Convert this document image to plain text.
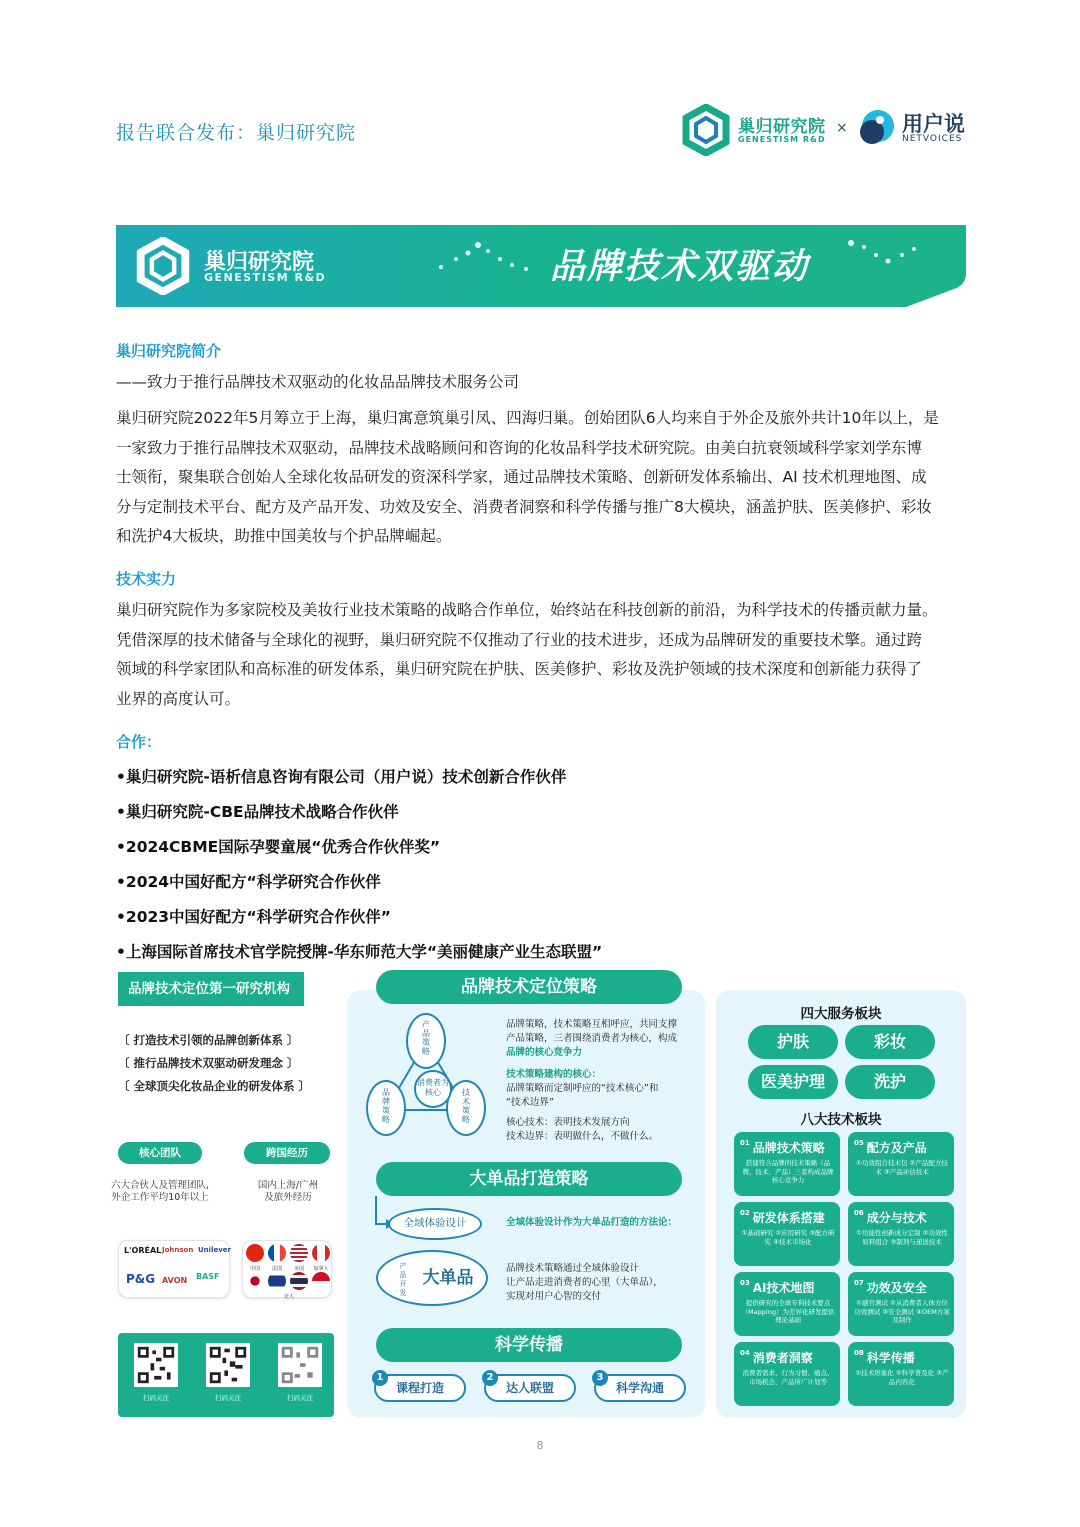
报告联合发布：巢归研究院	巢归研究院
GENESTISM R&D
×	用户说
NETVOICES
巢归研究院
GENESTISM R&D	品牌技术双驱动
巢归研究院简介
——致力于推行品牌技术双驱动的化妆品品牌技术服务公司
巢归研究院2022年5月筹立于上海，巢归寓意筑巢引凤、四海归巢。创始团队6人均来自于外企及旅外共计10年以上，是
一家致力于推行品牌技术双驱动，品牌技术战略顾问和咨询的化妆品科学技术研究院。由美白抗衰领域科学家刘学东博
士领衔，聚集联合创始人全球化妆品研发的资深科学家，通过品牌技术策略、创新研发体系输出、AI 技术机理地图、成
分与定制技术平台、配方及产品开发、功效及安全、消费者洞察和科学传播与推广8大模块，涵盖护肤、医美修护、彩妆
和洗护4大板块，助推中国美妆与个护品牌崛起。
技术实力
巢归研究院作为多家院校及美妆行业技术策略的战略合作单位，始终站在科技创新的前沿，为科学技术的传播贡献力量。
凭借深厚的技术储备与全球化的视野，巢归研究院不仅推动了行业的技术进步，还成为品牌研发的重要技术擎。通过跨
领域的科学家团队和高标准的研发体系，巢归研究院在护肤、医美修护、彩妆及洗护领域的技术深度和创新能力获得了
业界的高度认可。
合作：
•巢归研究院-语析信息咨询有限公司（用户说）技术创新合作伙伴
•巢归研究院-CBE品牌技术战略合作伙伴
•2024CBME国际孕婴童展“优秀合作伙伴奖”
•2024中国好配方“科学研究合作伙伴
•2023中国好配方“科学研究合作伙伴”
•上海国际首席技术官学院授牌-华东师范大学“美丽健康产业生态联盟”
品牌技术定位第一研究机构
〔 打造技术引领的品牌创新体系 〕
〔 推行品牌技术双驱动研发理念 〕
〔 全球顶尖化妆品企业的研发体系 〕
核心团队
六大合伙人及管理团队,
外企工作平均10年以上
跨国经历
国内上海/广州
及旅外经历
L'ORÉAL Johnson Unilever
P&G AVON BASF
中国	法国	美国	加拿大
北大
扫码关注	扫码关注	扫码关注
品牌技术定位策略
产品策略
品牌策略
技术策略
消费者为核心
品牌策略，技术策略互相呼应，共同支撑
产品策略，三者围绕消费者为核心，构成
品牌的核心竞争力
技术策略建构的核心：
品牌策略而定制呼应的“技术核心”和
“技术边界”
核心技术：表明技术发展方向
技术边界：表明做什么，不做什么。
大单品打造策略
全域体验设计
产品开发
大单品
全域体验设计作为大单品打造的方法论：
品牌技术策略通过全域体验设计
让产品走进消费者的心里（大单品），
实现对用户心智的交付
科学传播
课程打造	达人联盟	科学沟通
1	2	3
四大服务板块
护肤	彩妆
医美护理	洗护
八大技术板块
$^{01}$ 品牌技术策略
搭建符合品牌的技术策略（品牌、技术、产品）三者构成品牌核心竞争力
$^{05}$ 配方及产品
①功效组合技术包 ②产品配方技术 ③产品评估技术
$^{02}$ 研发体系搭建
①基础研究 ②应用研究 ③配方研究 ④技术市场化
$^{06}$ 成分与技术
①功能性创新成分定制 ②功效性原料组合 ③制剂与递送技术
$^{03}$ AI技术地图
提供研究的全球专利技术要点（Mapping）为差异化研发提供理论基础
$^{07}$ 功效及安全
①感官测试 ②从消费者人体方位功效测试 ③安全测试 ④OEM方案及制作
$^{04}$ 消费者洞察
消费者需求、行为习惯、痛点、市场机会、产品所广计划等
$^{08}$ 科学传播
①技术形象化 ②科学普及化 ③产品内容化
8
